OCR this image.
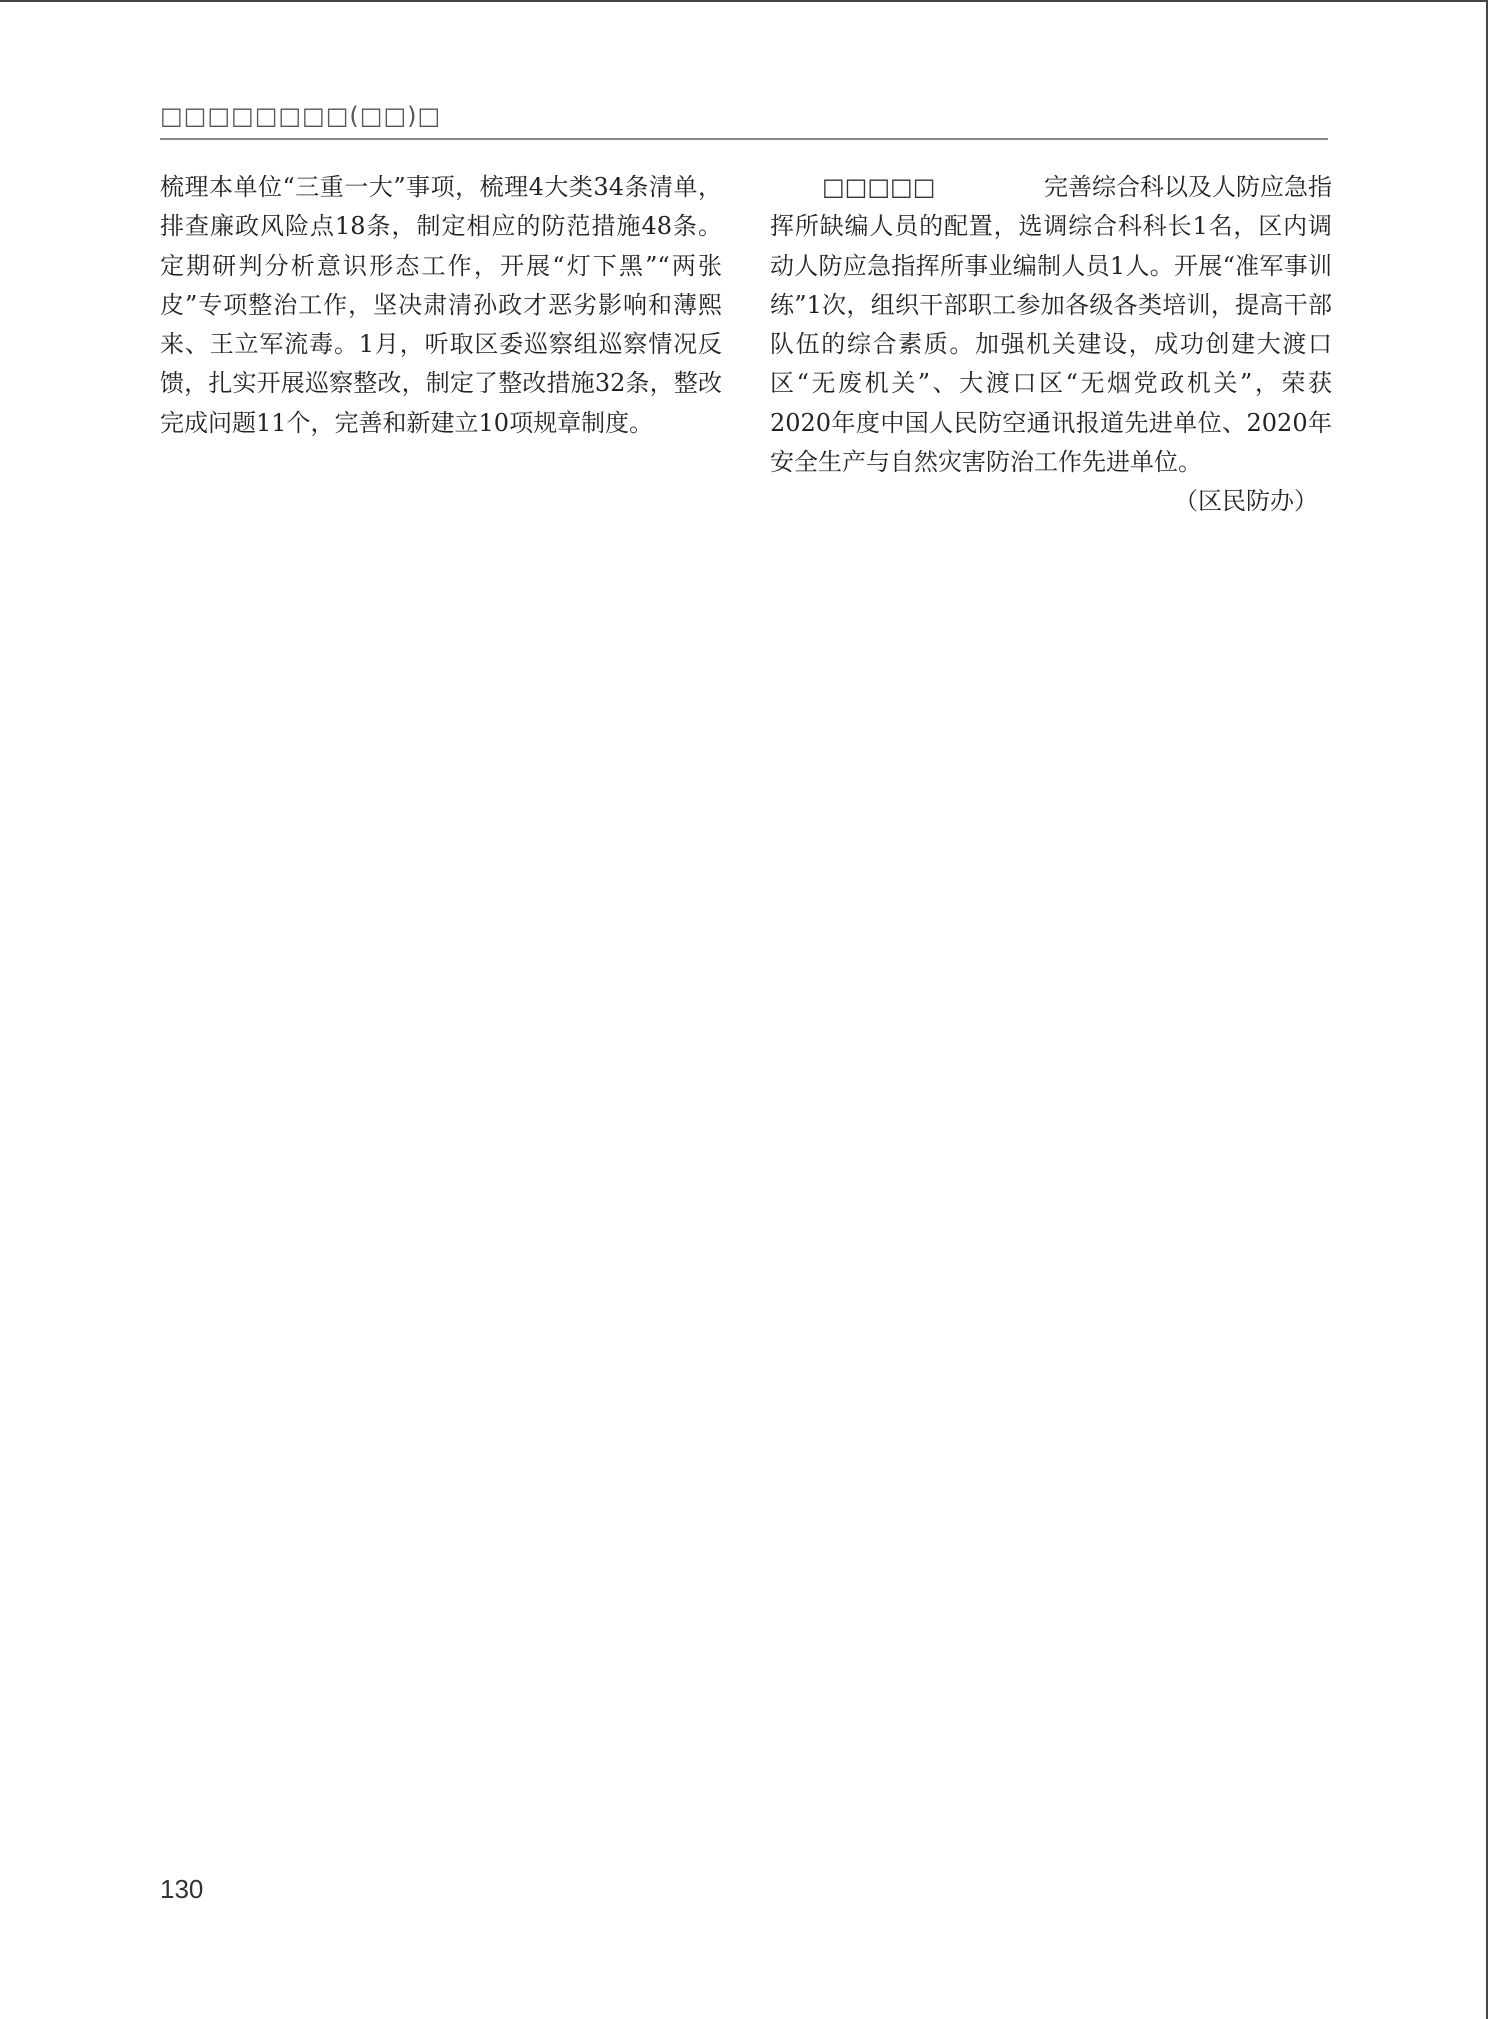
□□□□□□□□(□□)□

梳理本单位“三重一大”事项，梳理4大类34条清单，排查廉政风险点18条，制定相应的防范措施48条。定期研判分析意识形态工作，开展“灯下黑”“两张皮”专项整治工作，坚决肃清孙政才恶劣影响和薄熙来、王立军流毒。1月，听取区委巡察组巡察情况反馈，扎实开展巡察整改，制定了整改措施32条，整改完成问题11个，完善和新建立10项规章制度。

□□□□□	完善综合科以及人防应急指挥所缺编人员的配置，选调综合科科长1名，区内调动人防应急指挥所事业编制人员1人。开展“准军事训练”1次，组织干部职工参加各级各类培训，提高干部队伍的综合素质。加强机关建设，成功创建大渡口区“无废机关”、大渡口区“无烟党政机关”，荣获2020年度中国人民防空通讯报道先进单位、2020年安全生产与自然灾害防治工作先进单位。

（区民防办）

130
